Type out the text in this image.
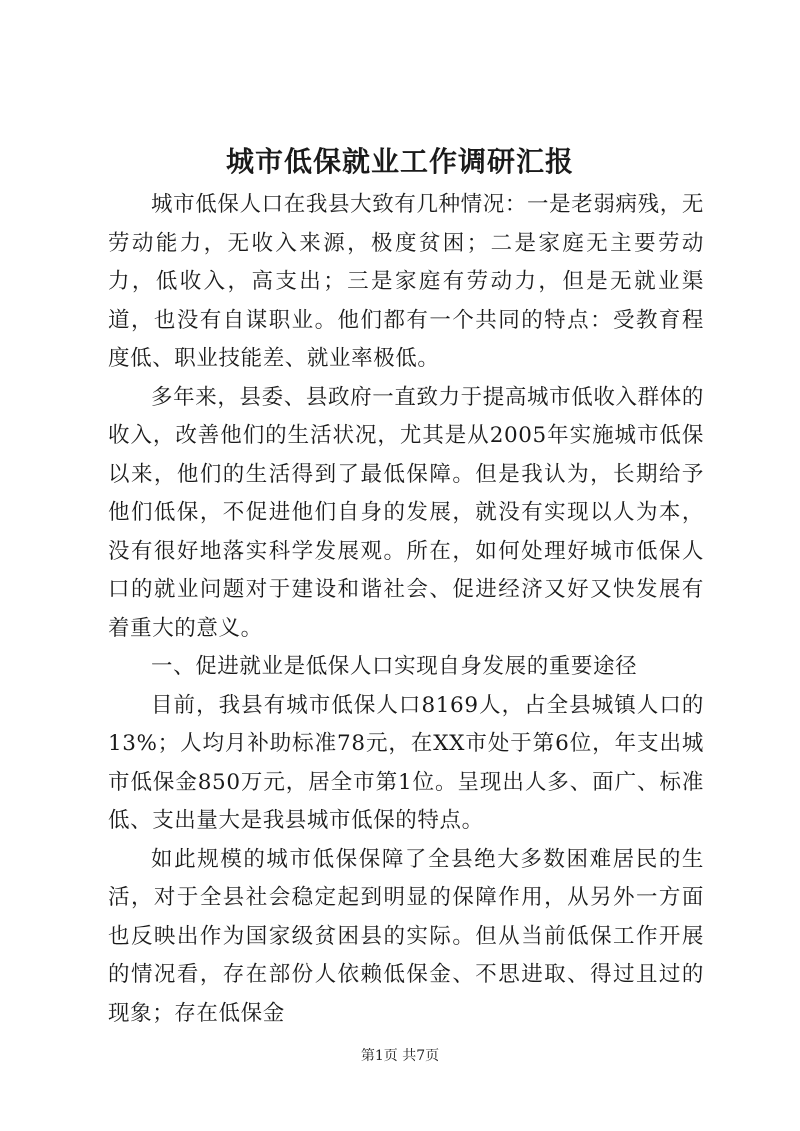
城市低保就业工作调研汇报

城市低保人口在我县大致有几种情况：一是老弱病残，无劳动能力，无收入来源，极度贫困；二是家庭无主要劳动力，低收入，高支出；三是家庭有劳动力，但是无就业渠道，也没有自谋职业。他们都有一个共同的特点：受教育程度低、职业技能差、就业率极低。

多年来，县委、县政府一直致力于提高城市低收入群体的收入，改善他们的生活状况，尤其是从2005年实施城市低保以来，他们的生活得到了最低保障。但是我认为，长期给予他们低保，不促进他们自身的发展，就没有实现以人为本，没有很好地落实科学发展观。所在，如何处理好城市低保人口的就业问题对于建设和谐社会、促进经济又好又快发展有着重大的意义。

一、促进就业是低保人口实现自身发展的重要途径

目前，我县有城市低保人口8169人，占全县城镇人口的13%；人均月补助标准78元，在XX市处于第6位，年支出城市低保金850万元，居全市第1位。呈现出人多、面广、标准低、支出量大是我县城市低保的特点。

如此规模的城市低保保障了全县绝大多数困难居民的生活，对于全县社会稳定起到明显的保障作用，从另外一方面也反映出作为国家级贫困县的实际。但从当前低保工作开展的情况看，存在部份人依赖低保金、不思进取、得过且过的现象；存在低保金

第1页 共7页
